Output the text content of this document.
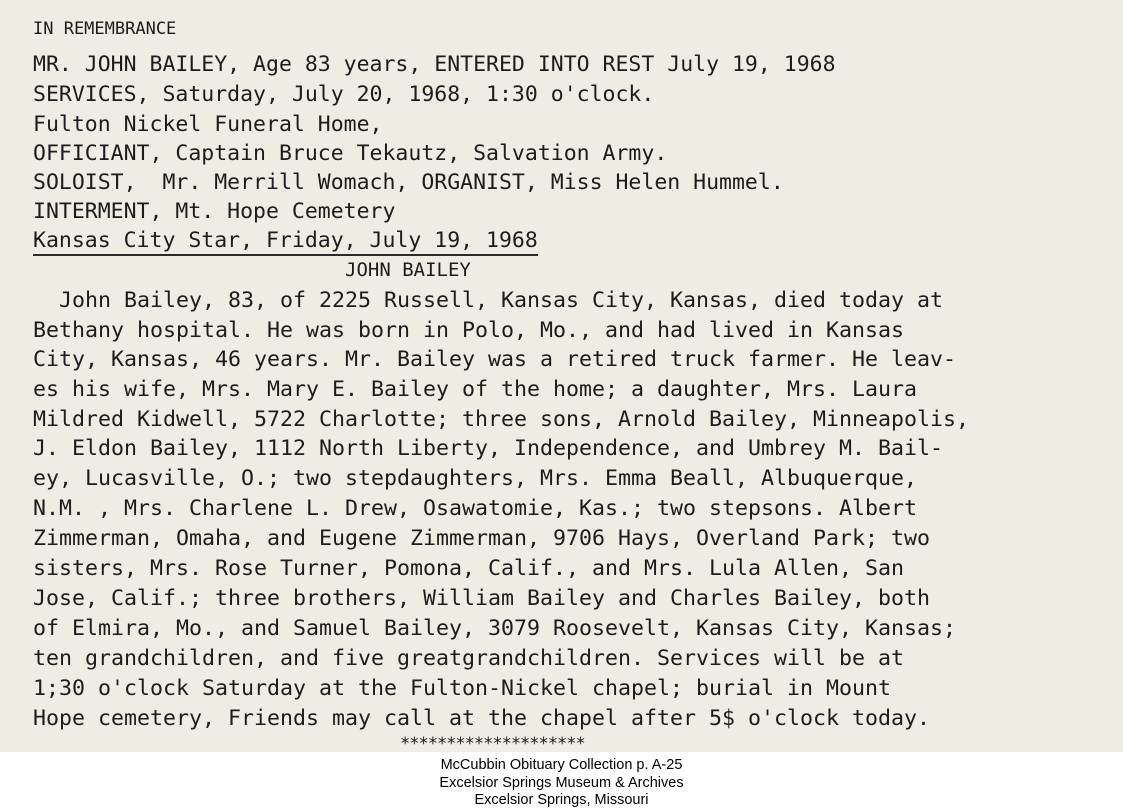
IN REMEMBRANCE
MR. JOHN BAILEY, Age 83 years, ENTERED INTO REST July 19, 1968
SERVICES, Saturday, July 20, 1968, 1:30 o'clock.
Fulton Nickel Funeral Home,
OFFICIANT, Captain Bruce Tekautz, Salvation Army.
SOLOIST,  Mr. Merrill Womach, ORGANIST, Miss Helen Hummel.
INTERMENT, Mt. Hope Cemetery
Kansas City Star, Friday, July 19, 1968
JOHN BAILEY
John Bailey, 83, of 2225 Russell, Kansas City, Kansas, died today at
Bethany hospital. He was born in Polo, Mo., and had lived in Kansas
City, Kansas, 46 years. Mr. Bailey was a retired truck farmer. He leav-
es his wife, Mrs. Mary E. Bailey of the home; a daughter, Mrs. Laura
Mildred Kidwell, 5722 Charlotte; three sons, Arnold Bailey, Minneapolis,
J. Eldon Bailey, 1112 North Liberty, Independence, and Umbrey M. Bail-
ey, Lucasville, O.; two stepdaughters, Mrs. Emma Beall, Albuquerque,
N.M. , Mrs. Charlene L. Drew, Osawatomie, Kas.; two stepsons. Albert
Zimmerman, Omaha, and Eugene Zimmerman, 9706 Hays, Overland Park; two
sisters, Mrs. Rose Turner, Pomona, Calif., and Mrs. Lula Allen, San
Jose, Calif.; three brothers, William Bailey and Charles Bailey, both
of Elmira, Mo., and Samuel Bailey, 3079 Roosevelt, Kansas City, Kansas;
ten grandchildren, and five greatgrandchildren. Services will be at
1;30 o'clock Saturday at the Fulton-Nickel chapel; burial in Mount
Hope cemetery, Friends may call at the chapel after 5$ o'clock today.
********************
McCubbin Obituary Collection p. A-25
Excelsior Springs Museum & Archives
Excelsior Springs, Missouri
